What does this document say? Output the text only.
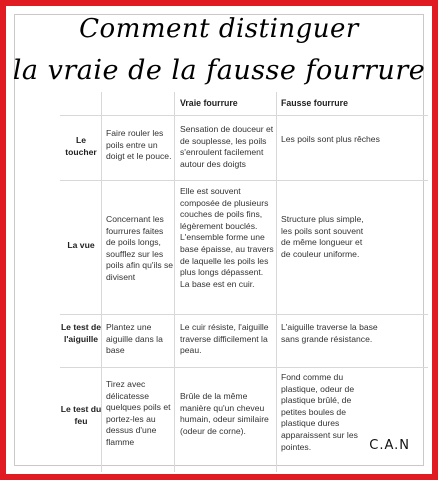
Comment distinguer
la vraie de la fausse fourrure
Vraie fourrure	Fausse fourrure
Le toucher
Faire rouler les poils entre un doigt et le pouce.
Sensation de douceur et de souplesse, les poils s'enroulent facilement autour des doigts
Les poils sont plus rêches
La vue
Concernant les fourrures faites de poils longs, soufflez sur les poils afin qu'ils se divisent
Elle est souvent composée de plusieurs couches de poils fins, légèrement bouclés. L'ensemble forme une base épaisse, au travers de laquelle les poils les plus longs dépassent. La base est en cuir.
Structure plus simple, les poils sont souvent de même longueur et de couleur uniforme.
Le test de l'aiguille
Plantez une aiguille dans la base
Le cuir résiste, l'aiguille traverse difficilement la peau.
L'aiguille traverse la base sans grande résistance.
Le test du feu
Tirez avec délicatesse quelques poils et portez-les au dessus d'une flamme
Brûle de la même manière qu'un cheveu humain, odeur similaire (odeur de corne).
Fond comme du plastique, odeur de plastique brûlé, de petites boules de plastique dures apparaissent sur les pointes.	C.A.N
